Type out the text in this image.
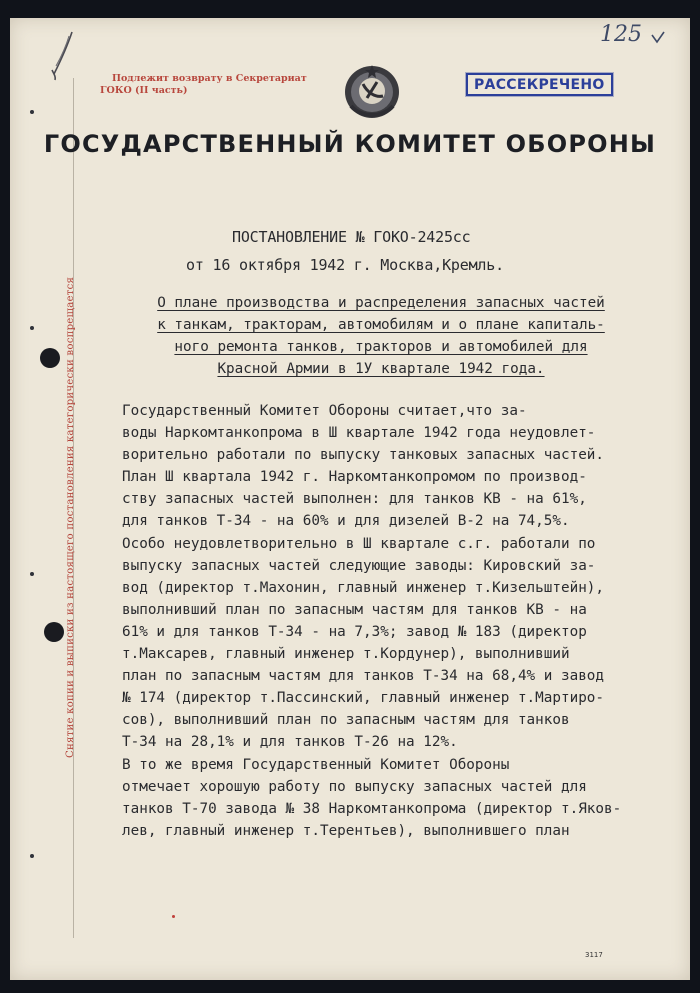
125
Подлежит возврату в Секретариат
ГОКО (II часть)	РАССЕКРЕЧЕНО
ГОСУДАРСТВЕННЫЙ КОМИТЕТ ОБОРОНЫ
ПОСТАНОВЛЕНИЕ № ГОКО-2425сс
от 16 октября 1942 г. Москва,Кремль.
О плане производства и распределения запасных частей
к танкам, тракторам, автомобилям и о плане капиталь-
ного ремонта танков, тракторов и автомобилей для
Красной Армии в 1У квартале 1942 года.
Государственный Комитет Обороны считает,что за-
воды Наркомтанкопрома в Ш квартале 1942 года неудовлет-
ворительно работали по выпуску танковых запасных частей.
План Ш квартала 1942 г. Наркомтанкопромом по производ-
ству запасных частей выполнен: для танков КВ - на 61%,
для танков Т-34 - на 60% и для дизелей В-2 на 74,5%.
Особо неудовлетворительно в Ш квартале с.г. работали по
выпуску запасных частей следующие заводы: Кировский за-
вод (директор т.Махонин, главный инженер т.Кизельштейн),
выполнивший план по запасным частям для танков КВ - на
61% и для танков Т-34 - на 7,3%; завод № 183 (директор
т.Максарев, главный инженер т.Кордунер), выполнивший
план по запасным частям для танков Т-34 на 68,4% и завод
№ 174 (директор т.Пассинский, главный инженер т.Мартиро-
сов), выполнивший план по запасным частям для танков
Т-34 на 28,1% и для танков Т-26 на 12%.
В то же время Государственный Комитет Обороны
отмечает хорошую работу по выпуску запасных частей для
танков Т-70 завода № 38 Наркомтанкопрома (директор т.Яков-
лев, главный инженер т.Терентьев), выполнившего план
Снятие копии и выписки из настоящего постановления категорически воспрещается
3117
